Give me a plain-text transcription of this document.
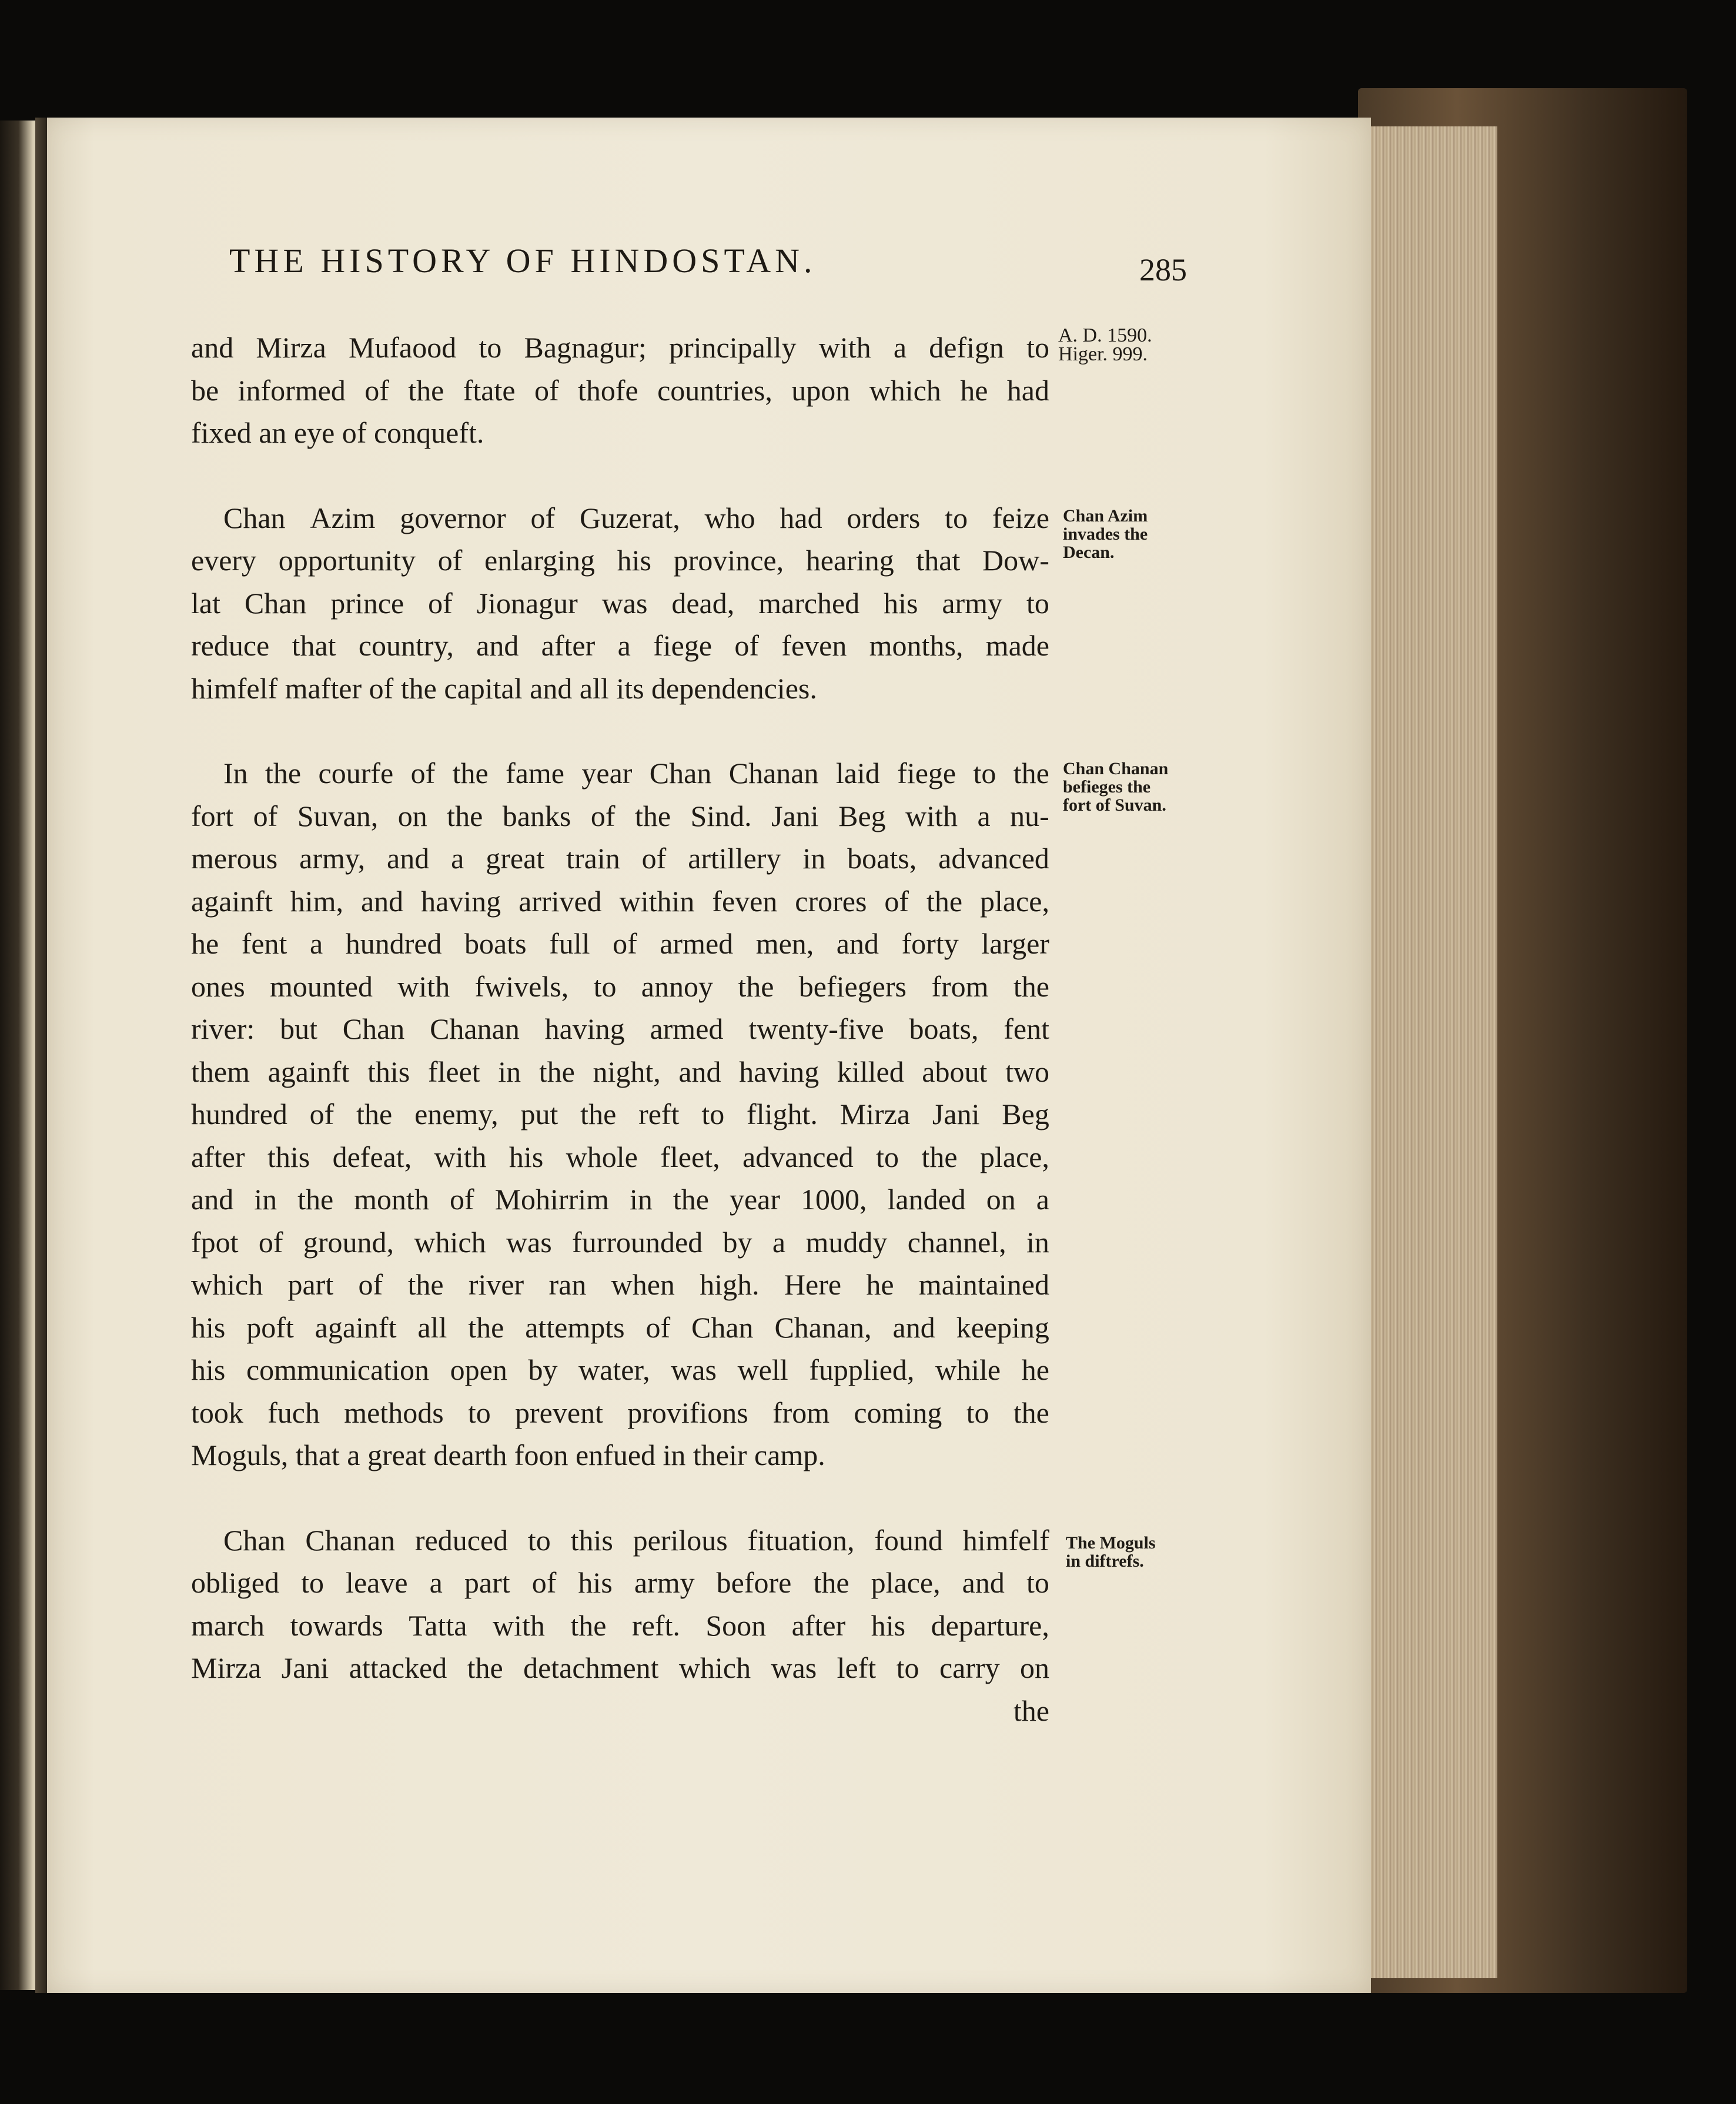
THE HISTORY OF HINDOSTAN.	285
A. D. 1590.
Higer. 999.
Chan Azim
invades the
Decan.
Chan Chanan
befieges the
fort of Suvan.
The Moguls
in diftrefs.
and Mirza Mufaood to Bagnagur; principally with a defign to
be informed of the ftate of thofe countries, upon which he had
fixed an eye of conqueft.
Chan Azim governor of Guzerat, who had orders to feize
every opportunity of enlarging his province, hearing that Dow-
lat Chan prince of Jionagur was dead, marched his army to
reduce that country, and after a fiege of feven months, made
himfelf mafter of the capital and all its dependencies.
In the courfe of the fame year Chan Chanan laid fiege to the
fort of Suvan, on the banks of the Sind. Jani Beg with a nu-
merous army, and a great train of artillery in boats, advanced
againft him, and having arrived within feven crores of the place,
he fent a hundred boats full of armed men, and forty larger
ones mounted with fwivels, to annoy the befiegers from the
river: but Chan Chanan having armed twenty-five boats, fent
them againft this fleet in the night, and having killed about two
hundred of the enemy, put the reft to flight. Mirza Jani Beg
after this defeat, with his whole fleet, advanced to the place,
and in the month of Mohirrim in the year 1000, landed on a
fpot of ground, which was furrounded by a muddy channel, in
which part of the river ran when high. Here he maintained
his poft againft all the attempts of Chan Chanan, and keeping
his communication open by water, was well fupplied, while he
took fuch methods to prevent provifions from coming to the
Moguls, that a great dearth foon enfued in their camp.
Chan Chanan reduced to this perilous fituation, found himfelf
obliged to leave a part of his army before the place, and to
march towards Tatta with the reft. Soon after his departure,
Mirza Jani attacked the detachment which was left to carry on
the
